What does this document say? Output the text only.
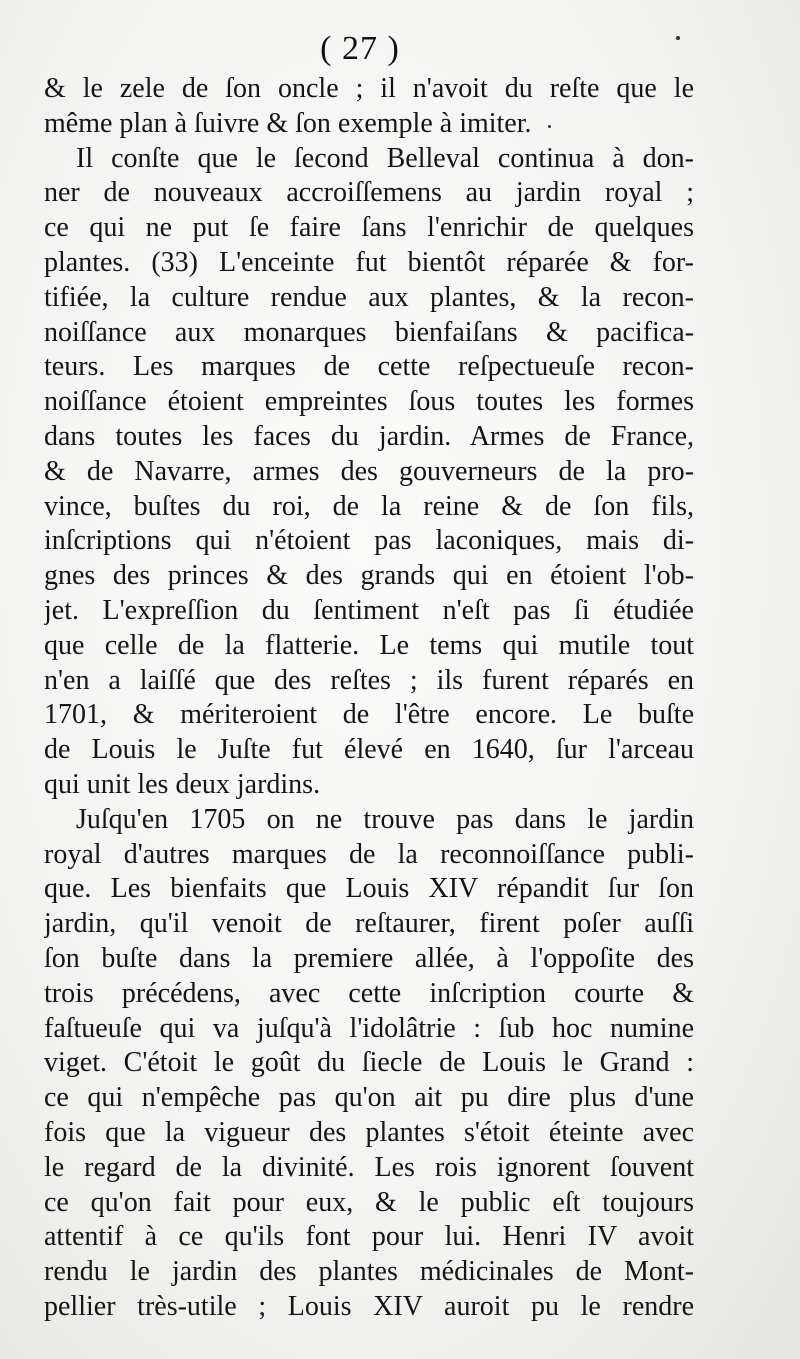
( 27 )
& le zele de ſon oncle ; il n'avoit du reſte que le
même plan à ſuivre & ſon exemple à imiter.
Il conſte que le ſecond Belleval continua à don-
ner de nouveaux accroiſſemens au jardin royal ;
ce qui ne put ſe faire ſans l'enrichir de quelques
plantes. (33) L'enceinte fut bientôt réparée & for-
tifiée, la culture rendue aux plantes, & la recon-
noiſſance aux monarques bienfaiſans & pacifica-
teurs. Les marques de cette reſpectueuſe recon-
noiſſance étoient empreintes ſous toutes les formes
dans toutes les faces du jardin. Armes de France,
& de Navarre, armes des gouverneurs de la pro-
vince, buſtes du roi, de la reine & de ſon fils,
inſcriptions qui n'étoient pas laconiques, mais di-
gnes des princes & des grands qui en étoient l'ob-
jet. L'expreſſion du ſentiment n'eſt pas ſi étudiée
que celle de la flatterie. Le tems qui mutile tout
n'en a laiſſé que des reſtes ; ils furent réparés en
1701, & mériteroient de l'être encore. Le buſte
de Louis le Juſte fut élevé en 1640, ſur l'arceau
qui unit les deux jardins.
Juſqu'en 1705 on ne trouve pas dans le jardin
royal d'autres marques de la reconnoiſſance publi-
que. Les bienfaits que Louis XIV répandit ſur ſon
jardin, qu'il venoit de reſtaurer, firent poſer auſſi
ſon buſte dans la premiere allée, à l'oppoſite des
trois précédens, avec cette inſcription courte &
faſtueuſe qui va juſqu'à l'idolâtrie : ſub hoc numine
viget. C'étoit le goût du ſiecle de Louis le Grand :
ce qui n'empêche pas qu'on ait pu dire plus d'une
fois que la vigueur des plantes s'étoit éteinte avec
le regard de la divinité. Les rois ignorent ſouvent
ce qu'on fait pour eux, & le public eſt toujours
attentif à ce qu'ils font pour lui. Henri IV avoit
rendu le jardin des plantes médicinales de Mont-
pellier très-utile ; Louis XIV auroit pu le rendre
